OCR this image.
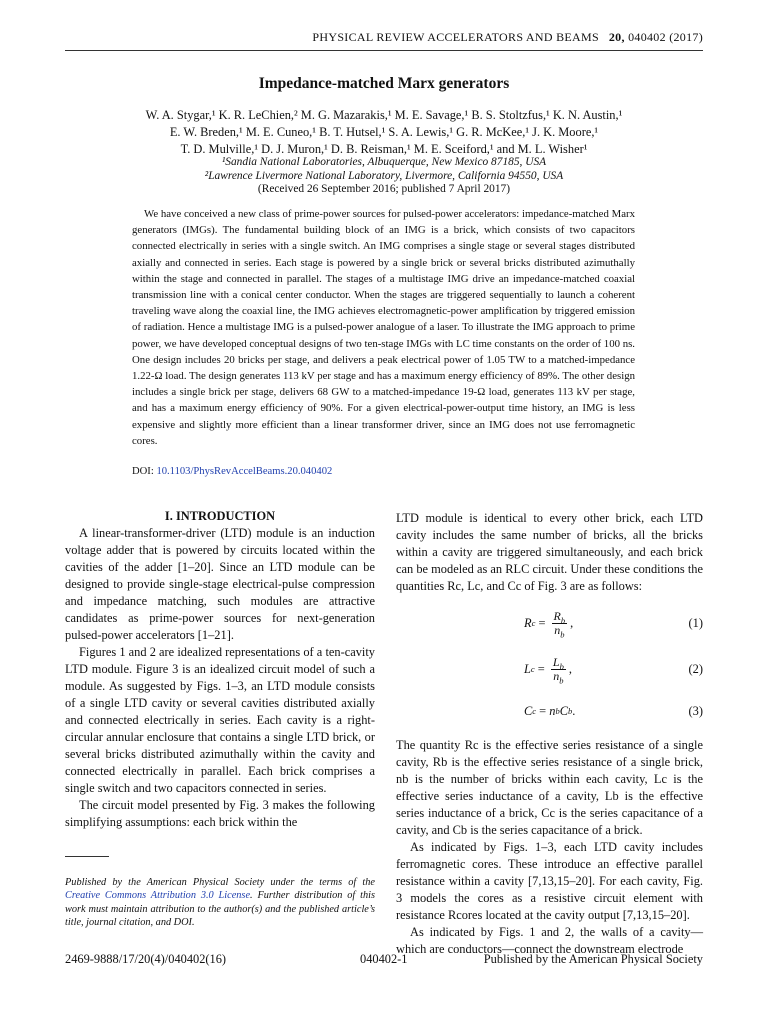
PHYSICAL REVIEW ACCELERATORS AND BEAMS 20, 040402 (2017)
Impedance-matched Marx generators
W. A. Stygar,¹ K. R. LeChien,² M. G. Mazarakis,¹ M. E. Savage,¹ B. S. Stoltzfus,¹ K. N. Austin,¹
E. W. Breden,¹ M. E. Cuneo,¹ B. T. Hutsel,¹ S. A. Lewis,¹ G. R. McKee,¹ J. K. Moore,¹
T. D. Mulville,¹ D. J. Muron,¹ D. B. Reisman,¹ M. E. Sceiford,¹ and M. L. Wisher¹
¹Sandia National Laboratories, Albuquerque, New Mexico 87185, USA
²Lawrence Livermore National Laboratory, Livermore, California 94550, USA
(Received 26 September 2016; published 7 April 2017)
We have conceived a new class of prime-power sources for pulsed-power accelerators: impedance-matched Marx generators (IMGs). The fundamental building block of an IMG is a brick, which consists of two capacitors connected electrically in series with a single switch. An IMG comprises a single stage or several stages distributed axially and connected in series. Each stage is powered by a single brick or several bricks distributed azimuthally within the stage and connected in parallel. The stages of a multistage IMG drive an impedance-matched coaxial transmission line with a conical center conductor. When the stages are triggered sequentially to launch a coherent traveling wave along the coaxial line, the IMG achieves electromagnetic-power amplification by triggered emission of radiation. Hence a multistage IMG is a pulsed-power analogue of a laser. To illustrate the IMG approach to prime power, we have developed conceptual designs of two ten-stage IMGs with LC time constants on the order of 100 ns. One design includes 20 bricks per stage, and delivers a peak electrical power of 1.05 TW to a matched-impedance 1.22-Ω load. The design generates 113 kV per stage and has a maximum energy efficiency of 89%. The other design includes a single brick per stage, delivers 68 GW to a matched-impedance 19-Ω load, generates 113 kV per stage, and has a maximum energy efficiency of 90%. For a given electrical-power-output time history, an IMG is less expensive and slightly more efficient than a linear transformer driver, since an IMG does not use ferromagnetic cores.
DOI: 10.1103/PhysRevAccelBeams.20.040402

I. INTRODUCTION

A linear-transformer-driver (LTD) module is an induction voltage adder that is powered by circuits located within the cavities of the adder [1–20]. Since an LTD module can be designed to provide single-stage electrical-pulse compression and impedance matching, such modules are attractive candidates as prime-power sources for next-generation pulsed-power accelerators [1–21].

Figures 1 and 2 are idealized representations of a ten-cavity LTD module. Figure 3 is an idealized circuit model of such a module. As suggested by Figs. 1–3, an LTD module consists of a single LTD cavity or several cavities distributed axially and connected electrically in series. Each cavity is a right-circular annular enclosure that contains a single LTD brick, or several bricks distributed azimuthally within the cavity and connected electrically in parallel. Each brick comprises a single switch and two capacitors connected in series.

The circuit model presented by Fig. 3 makes the following simplifying assumptions: each brick within the

LTD module is identical to every other brick, each LTD cavity includes the same number of bricks, all the bricks within a cavity are triggered simultaneously, and each brick can be modeled as an RLC circuit. Under these conditions the quantities Rc, Lc, and Cc of Fig. 3 are as follows:

R $c = \frac{R_b}{n_b}$ ,	(1)
L $c = \frac{L_b}{n_b}$ ,	(2)
C c = n b C b .	(3)

The quantity Rc is the effective series resistance of a single cavity, Rb is the effective series resistance of a single brick, nb is the number of bricks within each cavity, Lc is the effective series inductance of a cavity, Lb is the effective series inductance of a brick, Cc is the series capacitance of a cavity, and Cb is the series capacitance of a brick.

As indicated by Figs. 1–3, each LTD cavity includes ferromagnetic cores. These introduce an effective parallel resistance within a cavity [7,13,15–20]. For each cavity, Fig. 3 models the cores as a resistive circuit element with resistance Rcores located at the cavity output [7,13,15–20].

As indicated by Figs. 1 and 2, the walls of a cavity—which are conductors—connect the downstream electrode

Published by the American Physical Society under the terms of the Creative Commons Attribution 3.0 License. Further distribution of this work must maintain attribution to the author(s) and the published article’s title, journal citation, and DOI.
2469-9888/17/20(4)/040402(16)	040402-1	Published by the American Physical Society
